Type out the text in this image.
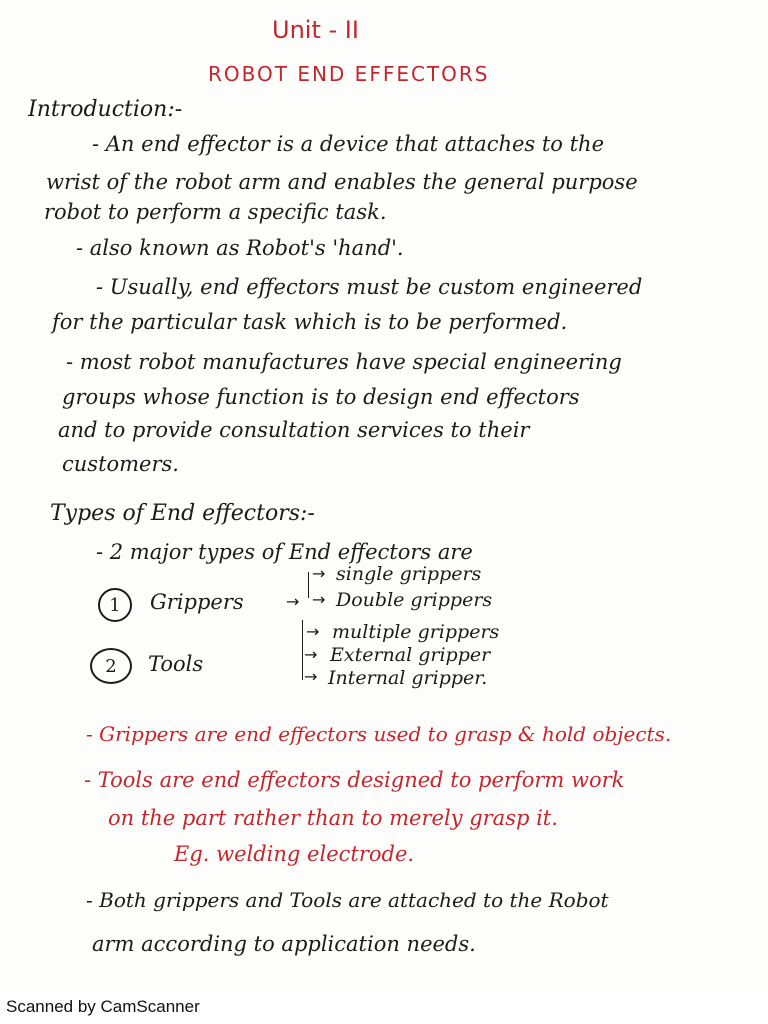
Unit - II
ROBOT END EFFECTORS
Introduction:-
- An end effector is a device that attaches to the
wrist of the robot arm and enables the general purpose
robot to perform a specific task.
- also known as Robot's 'hand'.
- Usually, end effectors must be custom engineered
for the particular task which is to be performed.
- most robot manufactures have special engineering
groups whose function is to design end effectors
and to provide consultation services to their
customers.
Types of End effectors:-
- 2 major types of End effectors are
1	Grippers
2	Tools
→
→
→
→
→
→
single grippers
Double grippers
multiple grippers
External gripper
Internal gripper.
- Grippers are end effectors used to grasp & hold objects.
- Tools are end effectors designed to perform work
on the part rather than to merely grasp it.
Eg. welding electrode.
- Both grippers and Tools are attached to the Robot
arm according to application needs.
Scanned by CamScanner
